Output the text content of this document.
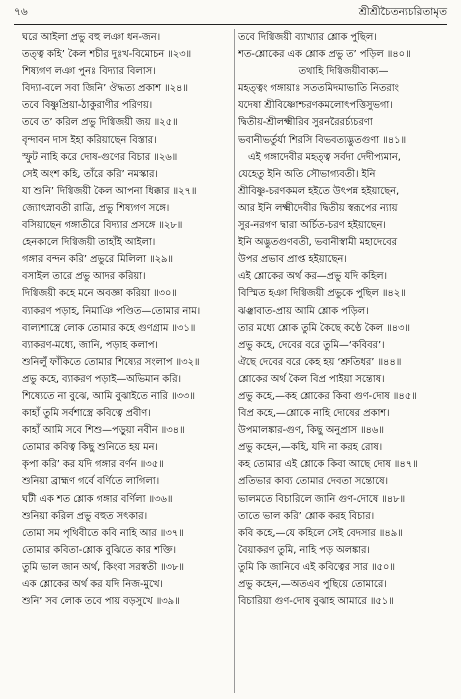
৭৬	শ্রীশ্রীচৈতন্যচরিতামৃত
ঘরে আইলা প্রভু বহু লঞা ধন-জন।
তত্ত্ব কহি’ কৈল শচীর দুঃখ-বিমোচন ॥২৩॥
শিষ্যগণ লঞা পুনঃ বিদ্যার বিলাস।
বিদ্যা-বলে সবা জিনি’ ঔদ্ধত্য প্রকাশ ॥২৪॥
তবে বিষ্ণুপ্রিয়া-ঠাকুরাণীর পরিণয়।
তবে ত’ করিল প্রভু দিগ্বিজয়ী জয় ॥২৫॥
বৃন্দাবন দাস ইহা করিয়াছেন বিস্তার।
স্ফুট নাহি করে দোষ-গুণের বিচার ॥২৬॥
সেই অংশ কহি, তাঁরে করি’ নমস্কার।
যা শুনি’ দিগ্বিজয়ী কৈল আপনা ধিক্কার ॥২৭॥
জ্যোৎস্নাবতী রাত্রি, প্রভু শিষ্যগণ সঙ্গে।
বসিয়াছেন গঙ্গাতীরে বিদ্যার প্রসঙ্গে ॥২৮॥
হেনকালে দিগ্বিজয়ী তাহাঁই আইলা।
গঙ্গার বন্দন করি’ প্রভুরে মিলিলা ॥২৯॥
বসাইল তারে প্রভু আদর করিয়া।
দিগ্বিজয়ী কহে মনে অবজ্ঞা করিয়া ॥৩০॥
ব্যাকরণ পড়াহ, নিমাঞি পণ্ডিত—তোমার নাম।
বাল্যশাস্ত্রে লোক তোমার কহে গুণগ্রাম ॥৩১॥
ব্যাকরণ-মধ্যে, জানি, পড়াহ কলাপ।
শুনিলুঁ ফাঁকিতে তোমার শিষ্যের সংলাপ ॥৩২॥
প্রভু কহে, ব্যাকরণ পড়াই—অভিমান করি।
শিষ্যেতে না বুঝে, আমি বুঝাইতে নারি ॥৩৩॥
কাহাঁ তুমি সর্বশাস্ত্রে কবিত্বে প্রবীণ।
কাহাঁ আমি সবে শিশু—পড়ুয়া নবীন ॥৩৪॥
তোমার কবিত্ব কিছু শুনিতে হয় মন।
কৃপা করি’ কর যদি গঙ্গার বর্ণন ॥৩৫॥
শুনিয়া ব্রাহ্মণ গর্বে বর্ণিতে লাগিলা।
ঘটী এক শত শ্লোক গঙ্গার বর্ণিলা ॥৩৬॥
শুনিয়া করিল প্রভু বহুত সৎকার।
তোমা সম পৃথিবীতে কবি নাহি আর ॥৩৭॥
তোমার কবিতা-শ্লোক বুঝিতে কার শক্তি।
তুমি ভাল জান অর্থ, কিংবা সরস্বতী ॥৩৮॥
এক শ্লোকের অর্থ কর যদি নিজ-মুখে।
শুনি’ সব লোক তবে পায় বড়সুখে ॥৩৯॥
তবে দিগ্বিজয়ী ব্যাখ্যার শ্লোক পুছিল।
শত-শ্লোকের এক শ্লোক প্রভু ত’ পড়িল ॥৪০॥
তথাহি দিগ্বিজয়ীবাক্য—
মহত্ত্বং গঙ্গায়াঃ সততমিদমাভাতি নিতরাং
যদেষা শ্রীবিষ্ণোশ্চরণকমলোৎপত্তিসুভগা।
দ্বিতীয়-শ্রীলক্ষ্মীরিব সুরনরৈরর্চ্যচরণা
ভবানীভর্তুর্যা শিরসি বিভবত্যদ্ভুতগুণা ॥৪১॥
এই গঙ্গাদেবীর মহত্ত্ব সর্বদা দেদীপ্যমান,
যেহেতু ইনি অতি সৌভাগ্যবতী। ইনি
শ্রীবিষ্ণু-চরণকমল হইতে উৎপন্ন হইয়াছেন,
আর ইনি লক্ষ্মীদেবীর দ্বিতীয় স্বরূপের ন্যায়
সুর-নরগণ দ্বারা অর্চিত-চরণ হইয়াছেন।
ইনি অদ্ভুতগুণবতী, ভবানীস্বামী মহাদেবের
উপর প্রভাব প্রাপ্ত হইয়াছেন।
এই শ্লোকের অর্থ কর—প্রভু যদি কহিল।
বিস্মিত হঞা দিগ্বিজয়ী প্রভুকে পুছিল ॥৪২॥
ঝঞ্ঝাবাত-প্রায় আমি শ্লোক পড়িল।
তার মধ্যে শ্লোক তুমি কৈছে কণ্ঠে কৈল ॥৪৩॥
প্রভু কহে, দেবের বরে তুমি—‘কবিবর’।
ঐছে দেবের বরে কেহ হয় ‘শ্রুতিধর’ ॥৪৪॥
শ্লোকের অর্থ কৈল বিপ্র পাইয়া সন্তোষ।
প্রভু কহে,—কহ শ্লোকের কিবা গুণ-দোষ ॥৪৫॥
বিপ্র কহে,—শ্লোকে নাহি দোষের প্রকাশ।
উপমালঙ্কার-গুণ, কিছু অনুপ্রাস ॥৪৬॥
প্রভু কহেন,—কহি, যদি না করহ রোষ।
কহ তোমার এই শ্লোকে কিবা আছে দোষ ॥৪৭॥
প্রতিভার কাব্য তোমার দেবতা সন্তোষে।
ভালমতে বিচারিলে জানি গুণ-দোষে ॥৪৮॥
তাতে ভাল করি’ শ্লোক করহ বিচার।
কবি কহে,—যে কহিলে সেই বেদসার ॥৪৯॥
বৈয়াকরণ তুমি, নাহি পড় অলঙ্কার।
তুমি কি জানিবে এই কবিত্বের সার ॥৫০॥
প্রভু কহেন,—অতএব পুছিয়ে তোমারে।
বিচারিয়া গুণ-দোষ বুঝাহ আমারে ॥৫১॥
